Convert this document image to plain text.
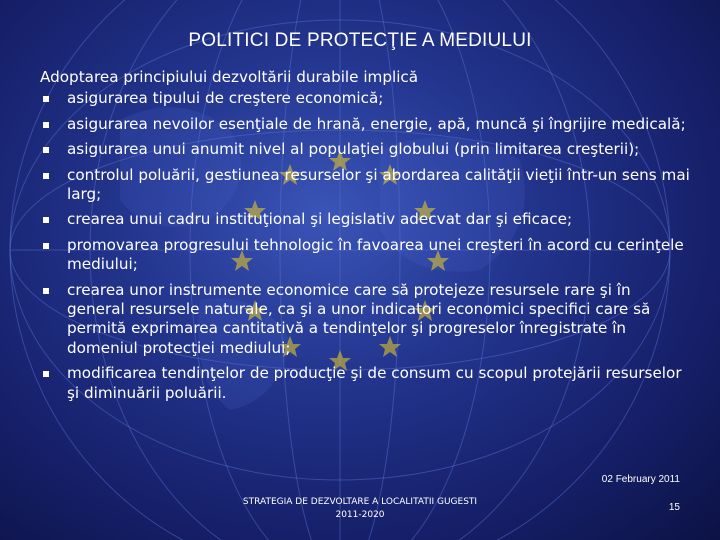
POLITICI DE PROTECŢIE A MEDIULUI
Adoptarea principiului dezvoltării durabile implică
asigurarea tipului de creştere economică;
asigurarea nevoilor esenţiale de hrană, energie, apă, muncă şi îngrijire medicală;
asigurarea unui anumit nivel al populaţiei globului (prin limitarea creşterii);
controlul poluării, gestiunea resurselor şi abordarea calităţii vieţii într-un sens mai larg;
crearea unui cadru instituţional şi legislativ adecvat dar şi eficace;
promovarea progresului tehnologic în favoarea unei creşteri în acord cu cerinţele mediului;
crearea unor instrumente economice care să protejeze resursele rare şi în general resursele naturale, ca şi a unor indicatori economici specifici care să permită exprimarea cantitativă a tendinţelor şi progreselor înregistrate în domeniul protecţiei mediului;
modificarea tendinţelor de producţie şi de consum cu scopul protejării resurselor şi diminuării poluării.
02 February 2011
STRATEGIA DE DEZVOLTARE A LOCALITATII GUGESTI
2011-2020
15
